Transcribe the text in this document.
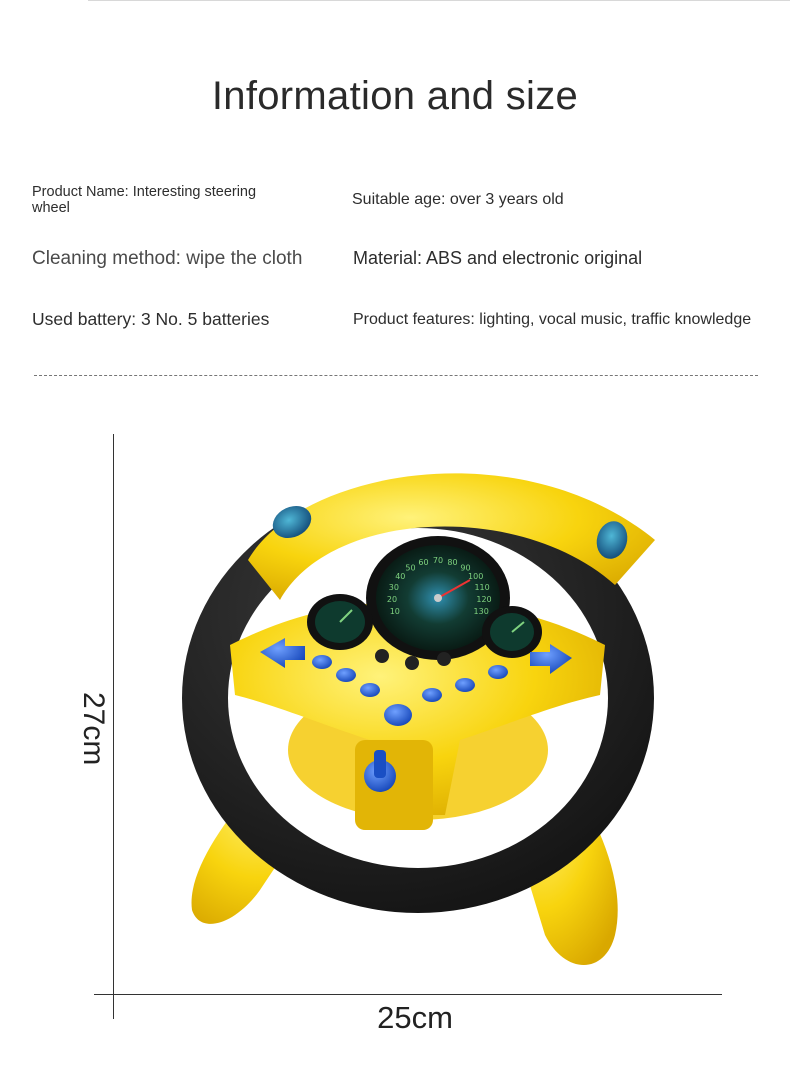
Information and size
Product Name: Interesting steering wheel	Suitable age: over 3 years old
Cleaning method: wipe the cloth	Material: ABS and electronic original
Used battery: 3 No. 5 batteries	Product features: lighting, vocal music, traffic knowledge
27cm
25cm
10
20
30
40
50
60 70 80
90
100
110
120
130
